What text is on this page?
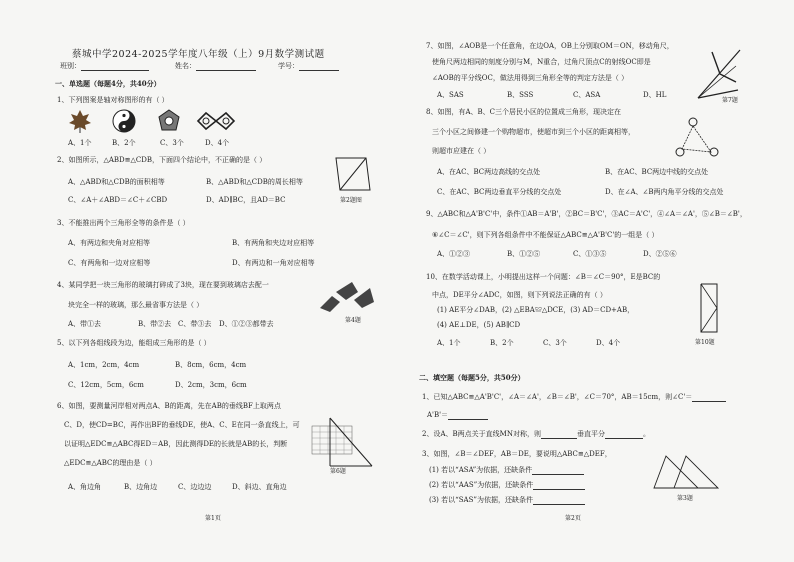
蔡城中学2024-2025学年度八年级（上）9月数学测试题
班别：	姓名：	学号：
一、单选题（每题4分，共40分）
1、下列图案是轴对称图形的有（ ）
A、1个	B、2个	C、3个	D、4个
2、如图所示，△ABD≌△CDB，下面四个结论中，不正确的是（ ）
A、△ABD和△CDB的面积相等	B、△ABD和△CDB的周长相等
C、∠A＋∠ABD＝∠C＋∠CBD	D、AD∥BC，且AD＝BC	第2题图
3、不能推出两个三角形全等的条件是（ ）
A、有两边和夹角对应相等	B、有两角和夹边对应相等
C、有两角和一边对应相等	D、有两边和一角对应相等
4、某同学把一块三角形的玻璃打碎成了3块，现在要到玻璃店去配一
块完全一样的玻璃，那么最省事方法是（ ）
A、带①去	B、带②去 C、带③去 D、①②③都带去	第4题
5、以下列各组线段为边，能组成三角形的是（ ）
A、1cm，2cm，4cm	B、8cm，6cm，4cm
C、12cm，5cm，6cm	D、2cm，3cm，6cm
6、如图，要测量河岸相对两点A、B的距离，先在AB的垂线BF上取两点
C、D，使CD=BC，再作出BF的垂线DE，使A、C、E在同一条直线上，可
以证明△EDC≌△ABC得ED＝AB，因此测得DE的长就是AB的长，判断
△EDC≌△ABC的理由是（ ）
A、角边角	B、边角边	C、边边边	D、斜边、直角边
第6题
第1页
7、如图，∠AOB是一个任意角，在边OA，OB上分别取OM＝ON，移动角尺，
使角尺两边相同的刻度分别与M，N重合，过角尺顶点C的射线OC即是
∠AOB的平分线OC，做法用得到三角形全等的判定方法是（ ）
A、SAS	B、SSS	C、ASA	D、HL
第7题
8、如图，有A、B、C三个居民小区的位置成三角形，现决定在
三个小区之间修建一个购物超市，使超市到三个小区的距离相等，
则超市应建在（ ）
A、在AC、BC两边高线的交点处	B、在AC、BC两边中线的交点处
C、在AC、BC两边垂直平分线的交点处	D、在∠A、∠B两内角平分线的交点处
9、△ABC和△A'B'C'中，条件①AB＝A'B'，②BC＝B'C'，③AC＝A'C'，④∠A＝∠A'，⑤∠B＝∠B'，
⑥∠C＝∠C'，则下列各组条件中不能保证△ABC≌△A'B'C'的一组是（ ）
A、①②③	B、①②⑤	C、①③⑤	D、②⑤⑥
10、在数学活动课上，小明提出这样一个问题：∠B＝∠C＝90°，E是BC的
中点，DE平分∠ADC，如图，则下列说法正确的有（ ）
(1) AE平分∠DAB，(2) △EBA≌△DCE，(3) AD＝CD+AB，
(4) AE⊥DE，(5) AB∥CD
A、1个	B、2个	C、3个	D、4个	第10题
二、填空题（每题5分，共50分）
1、已知△ABC≌△A'B'C'，∠A＝∠A'，∠B＝∠B'，∠C＝70°，AB＝15cm，则∠C'＝
A'B'＝
2、设A、B两点关于直线MN对称，则	垂直平分	。
3、如图，∠B＝∠DEF，AB＝DE，要说明△ABC≌△DEF，
(1) 若以“ASA”为依据，还缺条件
(2) 若以“AAS”为依据，还缺条件
(3) 若以“SAS”为依据，还缺条件	第3题
第2页
